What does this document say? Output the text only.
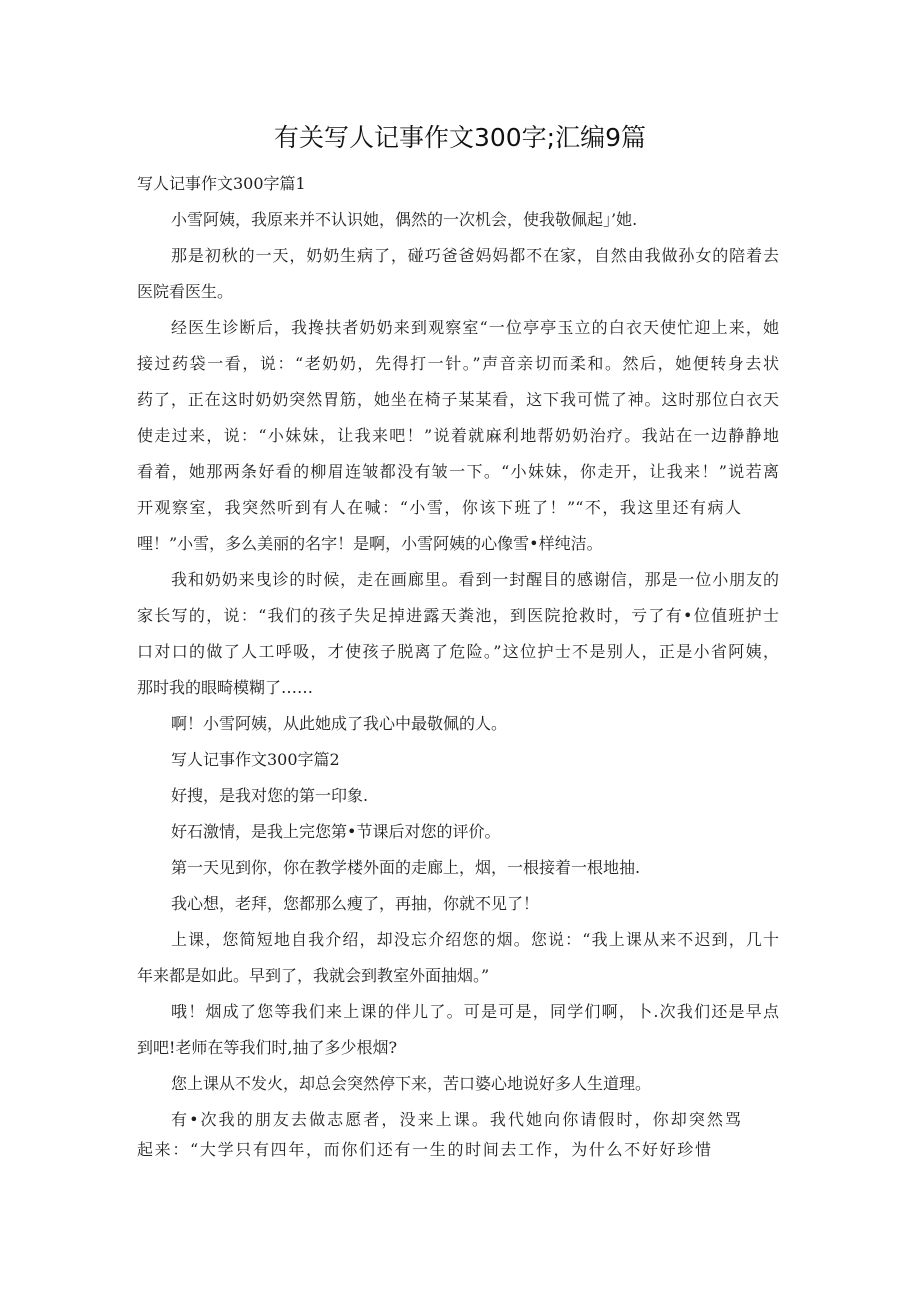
有关写人记事作文300字;汇编9篇
写人记事作文300字篇1
小雪阿姨，我原来并不认识她，偶然的一次机会，使我敬佩起」’她.
那是初秋的一天，奶奶生病了，碰巧爸爸妈妈都不在家，自然由我做孙女的陪着去
医院看医生。
经医生诊断后，我搀扶者奶奶来到观察室“一位亭亭玉立的白衣天使忙迎上来，她
接过药袋一看，说：“老奶奶，先得打一针。”声音亲切而柔和。然后，她便转身去状
药了，正在这时奶奶突然胃筋，她坐在椅子某某看，这下我可慌了神。这时那位白衣天
使走过来，说：“小妹妹，让我来吧！”说着就麻利地帮奶奶治疗。我站在一边静静地
看着，她那两条好看的柳眉连皱都没有皱一下。“小妹妹，你走开，让我来！”说若离
开观察室，我突然听到有人在喊：“小雪，你该下班了！”“不，我这里还有病人
哩！”小雪，多么美丽的名字！是啊，小雪阿姨的心像雪•样纯洁。
我和奶奶来曳诊的时候，走在画廊里。看到一封醒目的感谢信，那是一位小朋友的
家长写的，说：“我们的孩子失足掉进露天粪池，到医院抢救时，亏了有•位值班护士
口对口的做了人工呼吸，才使孩子脱离了危险。”这位护士不是别人，正是小省阿姨，
那时我的眼畸模糊了……
啊！小雪阿姨，从此她成了我心中最敬佩的人。
写人记事作文300字篇2
好搜，是我对您的第一印象.
好石激情，是我上完您第•节课后对您的评价。
第一天见到你，你在教学楼外面的走廊上，烟，一根接着一根地抽.
我心想，老拜，您都那么瘦了，再抽，你就不见了！
上课，您简短地自我介绍，却没忘介绍您的烟。您说：“我上课从来不迟到，几十
年来都是如此。早到了，我就会到教室外面抽烟。”
哦！烟成了您等我们来上课的伴儿了。可是可是，同学们啊，卜.次我们还是早点
到吧!老师在等我们时,抽了多少根烟?
您上课从不发火，却总会突然停下来，苦口婆心地说好多人生道理。
有•次我的朋友去做志愿者，没来上课。我代她向你请假时，你却突然骂
起来：“大学只有四年，而你们还有一生的时间去工作，为什么不好好珍惜
